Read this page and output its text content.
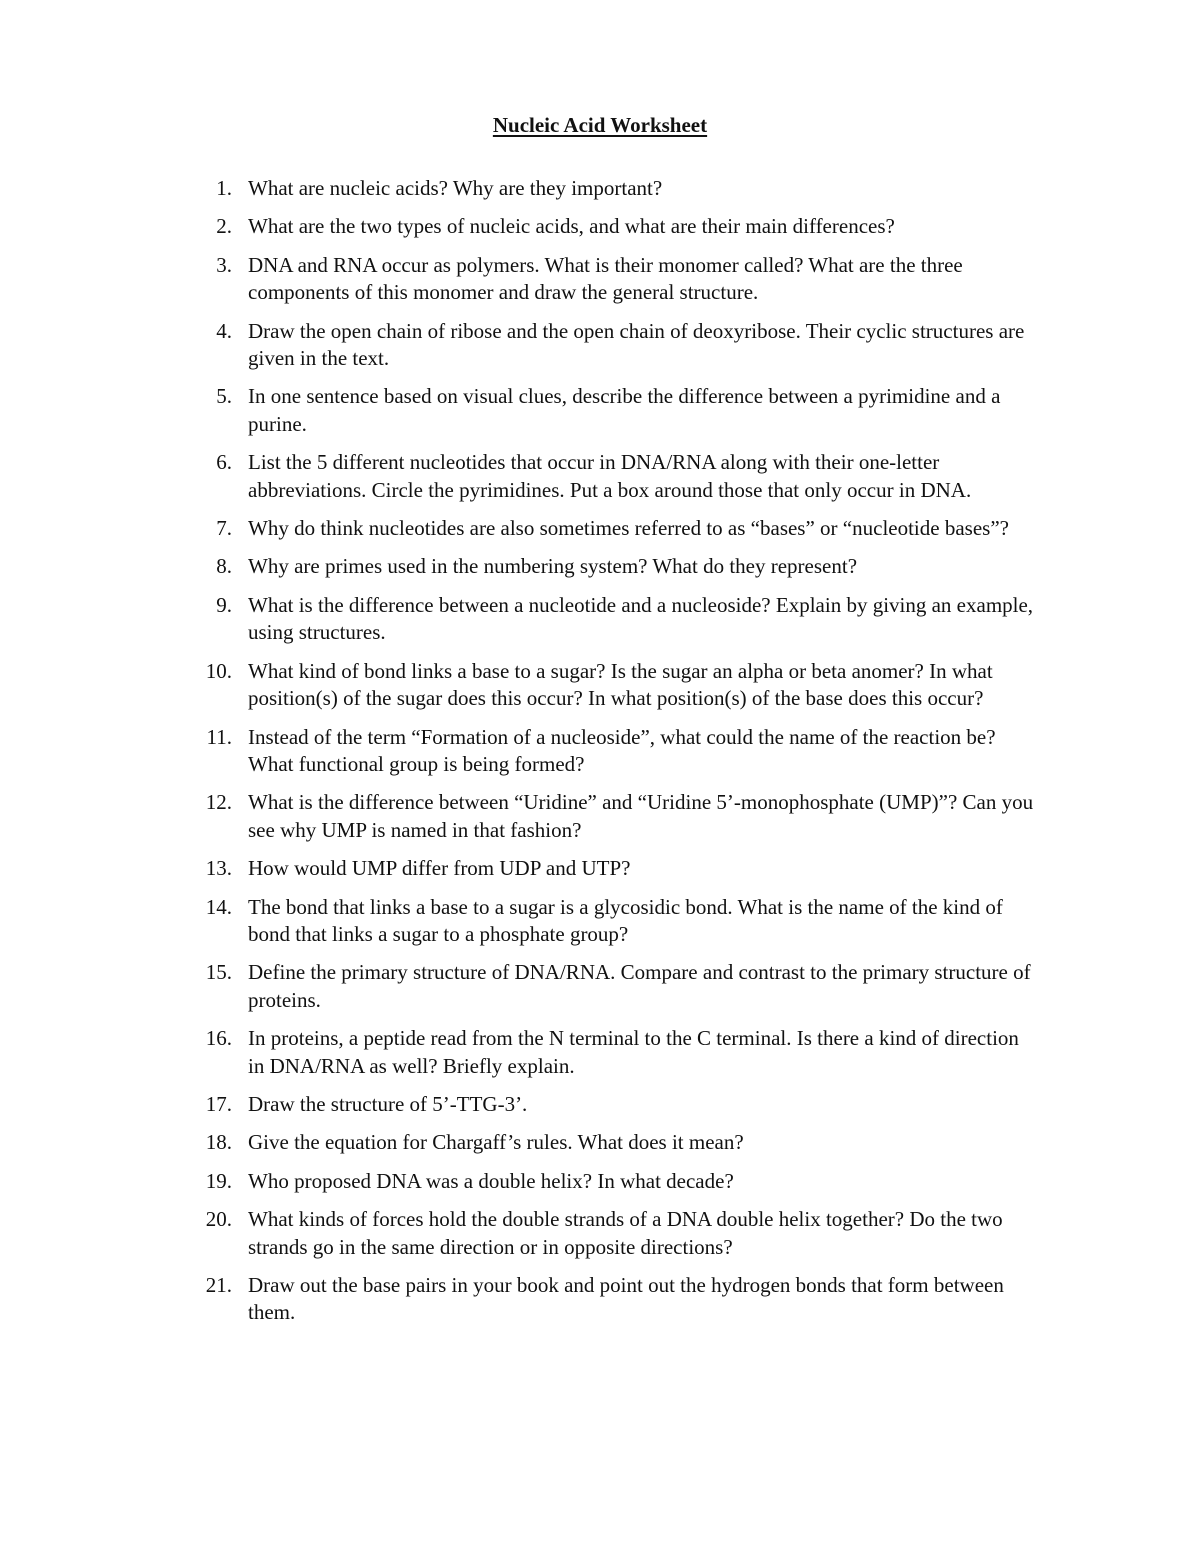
Nucleic Acid Worksheet
1. What are nucleic acids? Why are they important?
2. What are the two types of nucleic acids, and what are their main differences?
3. DNA and RNA occur as polymers. What is their monomer called? What are the three components of this monomer and draw the general structure.
4. Draw the open chain of ribose and the open chain of deoxyribose. Their cyclic structures are given in the text.
5. In one sentence based on visual clues, describe the difference between a pyrimidine and a purine.
6. List the 5 different nucleotides that occur in DNA/RNA along with their one-letter abbreviations. Circle the pyrimidines. Put a box around those that only occur in DNA.
7. Why do think nucleotides are also sometimes referred to as “bases” or “nucleotide bases”?
8. Why are primes used in the numbering system? What do they represent?
9. What is the difference between a nucleotide and a nucleoside? Explain by giving an example, using structures.
10. What kind of bond links a base to a sugar? Is the sugar an alpha or beta anomer? In what position(s) of the sugar does this occur? In what position(s) of the base does this occur?
11. Instead of the term “Formation of a nucleoside”, what could the name of the reaction be? What functional group is being formed?
12. What is the difference between “Uridine” and “Uridine 5’-monophosphate (UMP)”? Can you see why UMP is named in that fashion?
13. How would UMP differ from UDP and UTP?
14. The bond that links a base to a sugar is a glycosidic bond. What is the name of the kind of bond that links a sugar to a phosphate group?
15. Define the primary structure of DNA/RNA. Compare and contrast to the primary structure of proteins.
16. In proteins, a peptide read from the N terminal to the C terminal. Is there a kind of direction in DNA/RNA as well? Briefly explain.
17. Draw the structure of 5’-TTG-3’.
18. Give the equation for Chargaff’s rules. What does it mean?
19. Who proposed DNA was a double helix? In what decade?
20. What kinds of forces hold the double strands of a DNA double helix together? Do the two strands go in the same direction or in opposite directions?
21. Draw out the base pairs in your book and point out the hydrogen bonds that form between them.
